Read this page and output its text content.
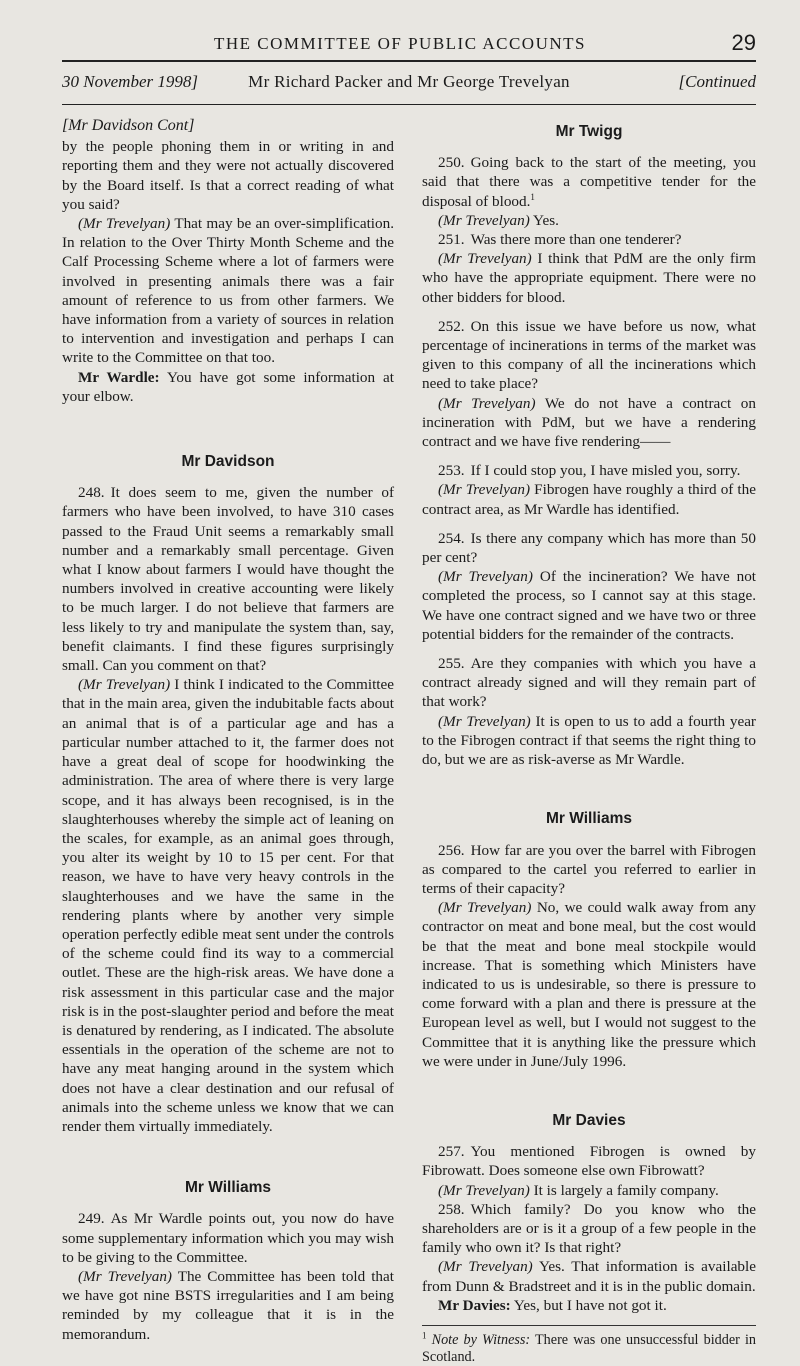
THE COMMITTEE OF PUBLIC ACCOUNTS	29
30 November 1998]	Mr Richard Packer and Mr George Trevelyan	[Continued
[Mr Davidson Cont]

by the people phoning them in or writing in and reporting them and they were not actually discovered by the Board itself. Is that a correct reading of what you said?

(Mr Trevelyan) That may be an over-simplification. In relation to the Over Thirty Month Scheme and the Calf Processing Scheme where a lot of farmers were involved in presenting animals there was a fair amount of reference to us from other farmers. We have information from a variety of sources in relation to intervention and investigation and perhaps I can write to the Committee on that too.

Mr Wardle: You have got some information at your elbow.

Mr Davidson

248. It does seem to me, given the number of farmers who have been involved, to have 310 cases passed to the Fraud Unit seems a remarkably small number and a remarkably small percentage. Given what I know about farmers I would have thought the numbers involved in creative accounting were likely to be much larger. I do not believe that farmers are less likely to try and manipulate the system than, say, benefit claimants. I find these figures surprisingly small. Can you comment on that?

(Mr Trevelyan) I think I indicated to the Committee that in the main area, given the indubitable facts about an animal that is of a particular age and has a particular number attached to it, the farmer does not have a great deal of scope for hoodwinking the administration. The area of where there is very large scope, and it has always been recognised, is in the slaughterhouses whereby the simple act of leaning on the scales, for example, as an animal goes through, you alter its weight by 10 to 15 per cent. For that reason, we have to have very heavy controls in the slaughterhouses and we have the same in the rendering plants where by another very simple operation perfectly edible meat sent under the controls of the scheme could find its way to a commercial outlet. These are the high-risk areas. We have done a risk assessment in this particular case and the major risk is in the post-slaughter period and before the meat is denatured by rendering, as I indicated. The absolute essentials in the operation of the scheme are not to have any meat hanging around in the system which does not have a clear destination and our refusal of animals into the scheme unless we know that we can render them virtually immediately.

Mr Williams

249. As Mr Wardle points out, you now do have some supplementary information which you may wish to be giving to the Committee.

(Mr Trevelyan) The Committee has been told that we have got nine BSTS irregularities and I am being reminded by my colleague that it is in the memorandum.

Mr Twigg

250. Going back to the start of the meeting, you said that there was a competitive tender for the disposal of blood.$^1$

(Mr Trevelyan) Yes.

251. Was there more than one tenderer?

(Mr Trevelyan) I think that PdM are the only firm who have the appropriate equipment. There were no other bidders for blood.

252. On this issue we have before us now, what percentage of incinerations in terms of the market was given to this company of all the incinerations which need to take place?

(Mr Trevelyan) We do not have a contract on incineration with PdM, but we have a rendering contract and we have five rendering——

253. If I could stop you, I have misled you, sorry.

(Mr Trevelyan) Fibrogen have roughly a third of the contract area, as Mr Wardle has identified.

254. Is there any company which has more than 50 per cent?

(Mr Trevelyan) Of the incineration? We have not completed the process, so I cannot say at this stage. We have one contract signed and we have two or three potential bidders for the remainder of the contracts.

255. Are they companies with which you have a contract already signed and will they remain part of that work?

(Mr Trevelyan) It is open to us to add a fourth year to the Fibrogen contract if that seems the right thing to do, but we are as risk-averse as Mr Wardle.

Mr Williams

256. How far are you over the barrel with Fibrogen as compared to the cartel you referred to earlier in terms of their capacity?

(Mr Trevelyan) No, we could walk away from any contractor on meat and bone meal, but the cost would be that the meat and bone meal stockpile would increase. That is something which Ministers have indicated to us is undesirable, so there is pressure to come forward with a plan and there is pressure at the European level as well, but I would not suggest to the Committee that it is anything like the pressure which we were under in June/July 1996.

Mr Davies

257. You mentioned Fibrogen is owned by Fibrowatt. Does someone else own Fibrowatt?

(Mr Trevelyan) It is largely a family company.

258. Which family? Do you know who the shareholders are or is it a group of a few people in the family who own it? Is that right?

(Mr Trevelyan) Yes. That information is available from Dunn & Bradstreet and it is in the public domain.

Mr Davies: Yes, but I have not got it.

$^1$ Note by Witness: There was one unsuccessful bidder in Scotland.
